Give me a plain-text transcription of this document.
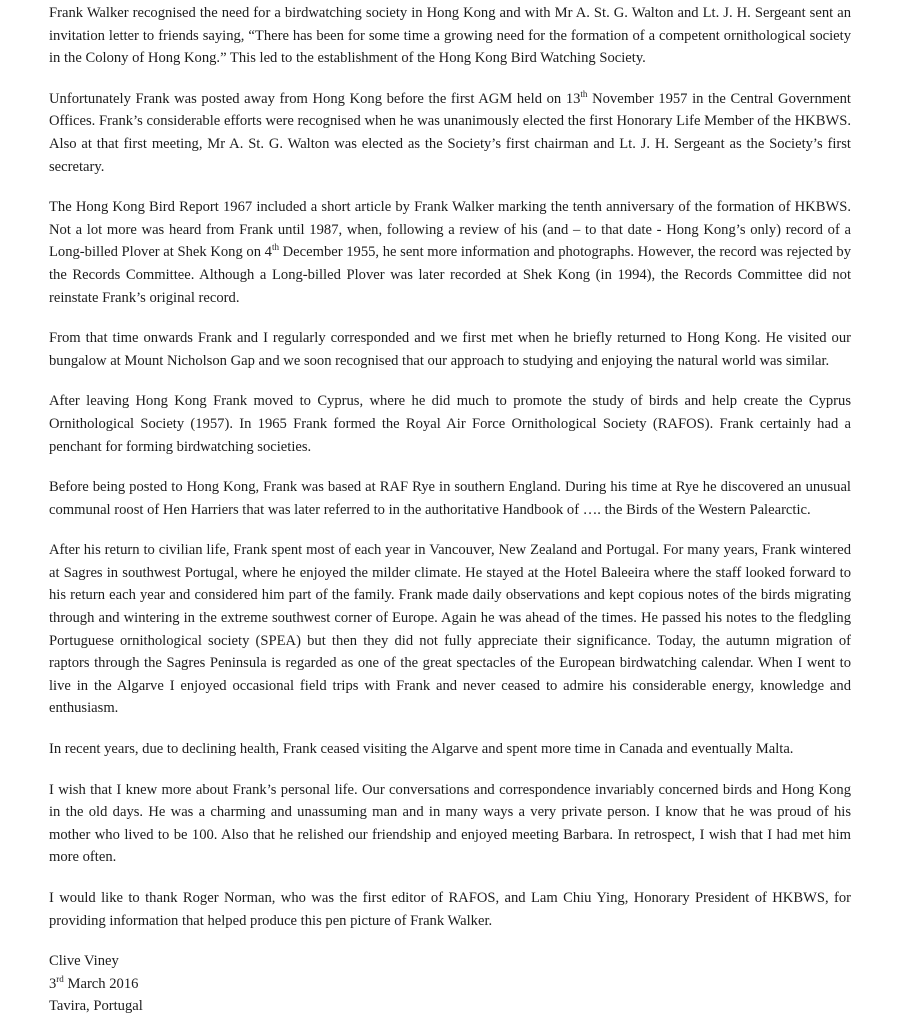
Frank Walker recognised the need for a birdwatching society in Hong Kong and with Mr A. St. G. Walton and Lt. J. H. Sergeant sent an invitation letter to friends saying, “There has been for some time a growing need for the formation of a competent ornithological society in the Colony of Hong Kong.” This led to the establishment of the Hong Kong Bird Watching Society.

Unfortunately Frank was posted away from Hong Kong before the first AGM held on 13th November 1957 in the Central Government Offices. Frank’s considerable efforts were recognised when he was unanimously elected the first Honorary Life Member of the HKBWS. Also at that first meeting, Mr A. St. G. Walton was elected as the Society’s first chairman and Lt. J. H. Sergeant as the Society’s first secretary.

The Hong Kong Bird Report 1967 included a short article by Frank Walker marking the tenth anniversary of the formation of HKBWS. Not a lot more was heard from Frank until 1987, when, following a review of his (and – to that date - Hong Kong’s only) record of a Long-billed Plover at Shek Kong on 4th December 1955, he sent more information and photographs. However, the record was rejected by the Records Committee. Although a Long-billed Plover was later recorded at Shek Kong (in 1994), the Records Committee did not reinstate Frank’s original record.

From that time onwards Frank and I regularly corresponded and we first met when he briefly returned to Hong Kong. He visited our bungalow at Mount Nicholson Gap and we soon recognised that our approach to studying and enjoying the natural world was similar.

After leaving Hong Kong Frank moved to Cyprus, where he did much to promote the study of birds and help create the Cyprus Ornithological Society (1957). In 1965 Frank formed the Royal Air Force Ornithological Society (RAFOS). Frank certainly had a penchant for forming birdwatching societies.

Before being posted to Hong Kong, Frank was based at RAF Rye in southern England. During his time at Rye he discovered an unusual communal roost of Hen Harriers that was later referred to in the authoritative Handbook of …. the Birds of the Western Palearctic.

After his return to civilian life, Frank spent most of each year in Vancouver, New Zealand and Portugal. For many years, Frank wintered at Sagres in southwest Portugal, where he enjoyed the milder climate. He stayed at the Hotel Baleeira where the staff looked forward to his return each year and considered him part of the family. Frank made daily observations and kept copious notes of the birds migrating through and wintering in the extreme southwest corner of Europe. Again he was ahead of the times. He passed his notes to the fledgling Portuguese ornithological society (SPEA) but then they did not fully appreciate their significance. Today, the autumn migration of raptors through the Sagres Peninsula is regarded as one of the great spectacles of the European birdwatching calendar. When I went to live in the Algarve I enjoyed occasional field trips with Frank and never ceased to admire his considerable energy, knowledge and enthusiasm.

In recent years, due to declining health, Frank ceased visiting the Algarve and spent more time in Canada and eventually Malta.

I wish that I knew more about Frank’s personal life. Our conversations and correspondence invariably concerned birds and Hong Kong in the old days. He was a charming and unassuming man and in many ways a very private person. I know that he was proud of his mother who lived to be 100. Also that he relished our friendship and enjoyed meeting Barbara. In retrospect, I wish that I had met him more often.

I would like to thank Roger Norman, who was the first editor of RAFOS, and Lam Chiu Ying, Honorary President of HKBWS, for providing information that helped produce this pen picture of Frank Walker.

Clive Viney
3rd March 2016
Tavira, Portugal
